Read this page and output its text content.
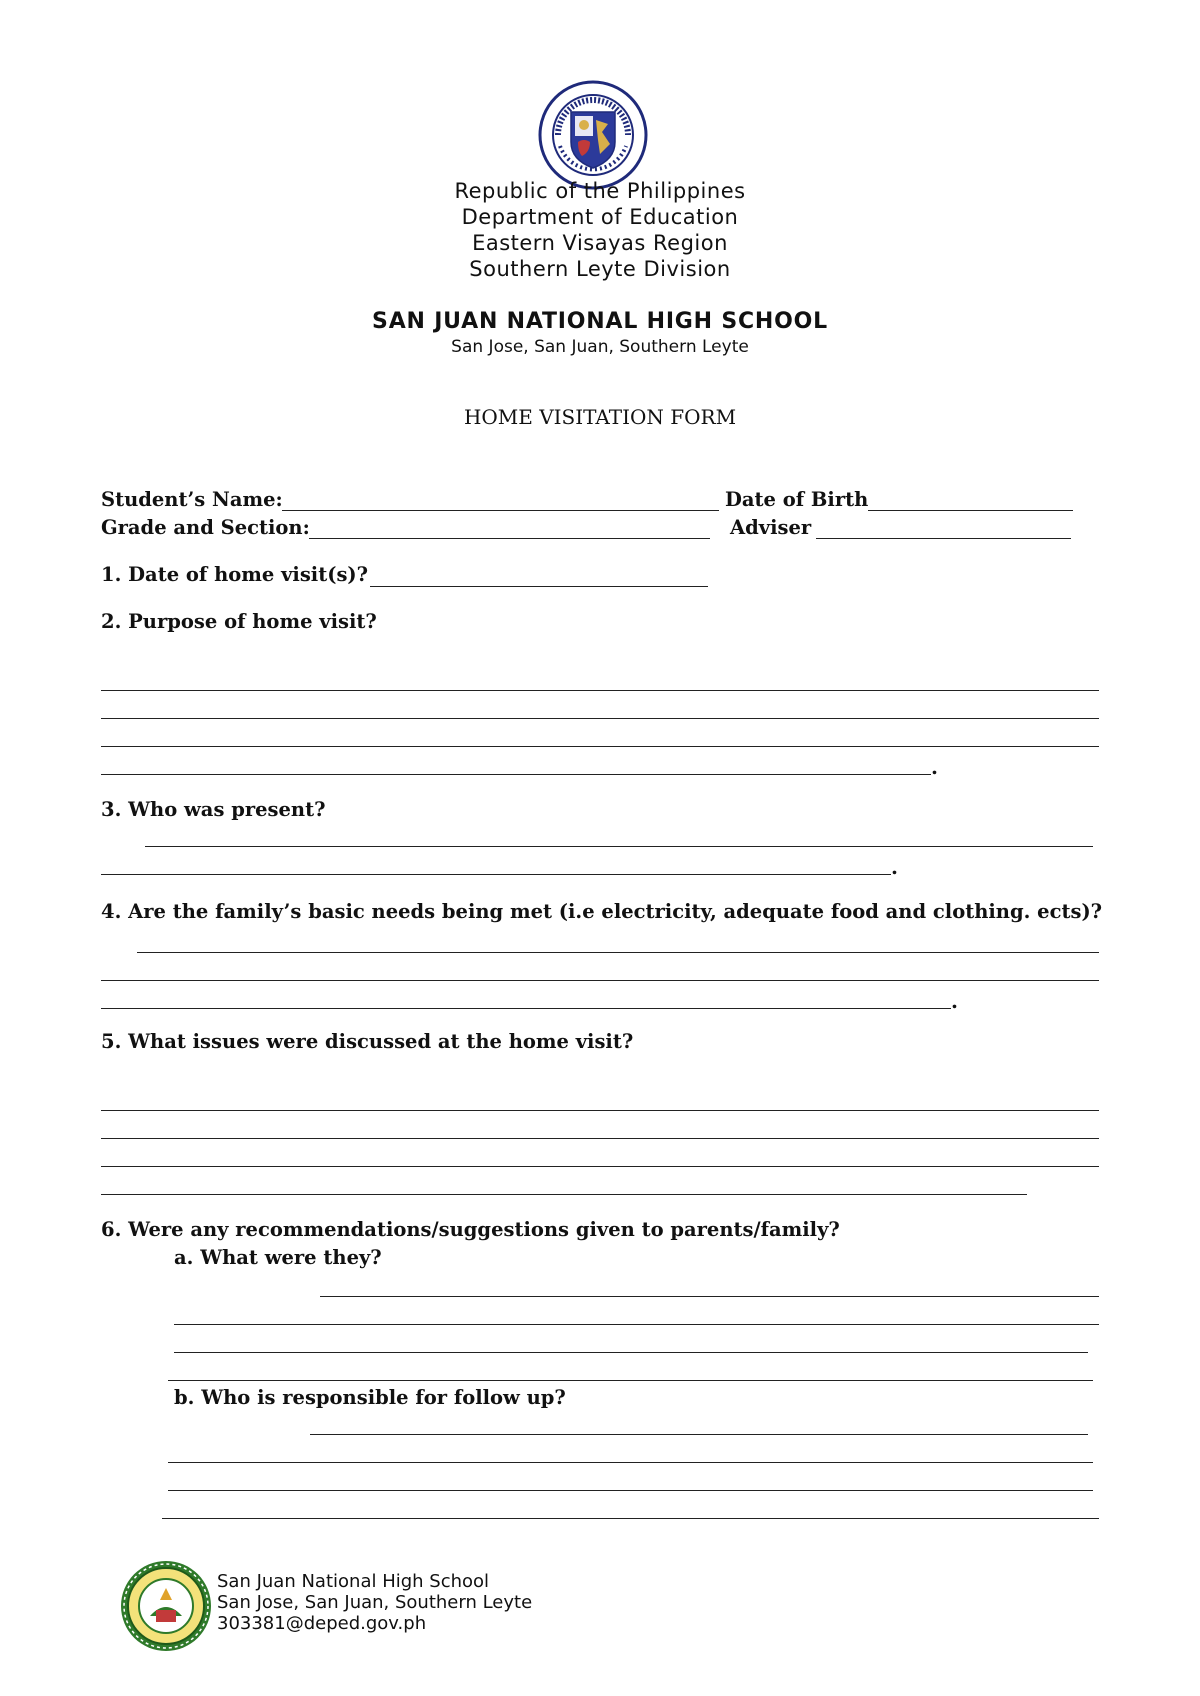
Republic of the Philippines
Department of Education
Eastern Visayas Region
Southern Leyte Division
SAN JUAN NATIONAL HIGH SCHOOL
San Jose, San Juan, Southern Leyte
HOME VISITATION FORM
Student’s Name:	Date of Birth
Grade and Section:	Adviser
1. Date of home visit(s)?
2. Purpose of home visit?
.
3. Who was present?
.
4. Are the family’s basic needs being met (i.e electricity, adequate food and clothing. ects)?
.
5. What issues were discussed at the home visit?
6. Were any recommendations/suggestions given to parents/family?
a. What were they?
b. Who is responsible for follow up?
San Juan National High School
San Jose, San Juan, Southern Leyte
303381@deped.gov.ph
